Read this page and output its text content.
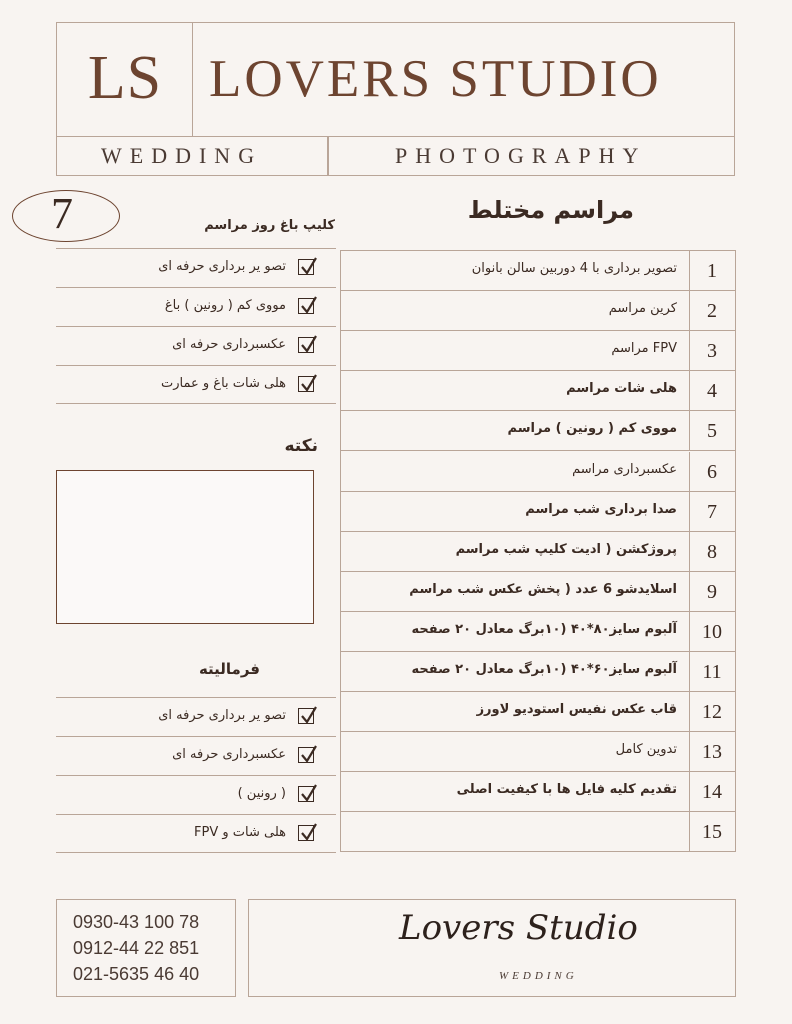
LS LOVERS STUDIO
WEDDING	PHOTOGRAPHY
7	مراسم مختلط
کلیپ باغ روز مراسم
1
تصویر برداری با 4 دوربین سالن بانوان
2
کرین مراسم
3
FPV مراسم
4
هلی شات مراسم
5
مووی کم ( رونین ) مراسم
6
عکسبرداری مراسم
7
صدا برداری شب مراسم
8
پروژکشن ( ادیت کلیپ شب مراسم
9
اسلایدشو 6 عدد ( پخش عکس شب مراسم
10
آلبوم سایز۸۰*۴۰ (۱۰برگ معادل ۲۰ صفحه
11
آلبوم سایز۶۰*۴۰ (۱۰برگ معادل ۲۰ صفحه
12
قاب عکس نفیس استودیو لاورز
13
تدوین کامل
14
تقدیم کلیه فایل ها با کیفیت اصلی
15
تصو یر برداری حرفه ای
مووی کم ( رونین ) باغ
عکسبرداری حرفه ای
هلی شات باغ و عمارت
نکته
فرمالیته
تصو یر برداری حرفه ای
عکسبرداری حرفه ای
( رونین )
هلی شات و FPV
0930-43 100 78
0912-44 22 851
021-5635 46 40
Lovers Studio
WEDDING
